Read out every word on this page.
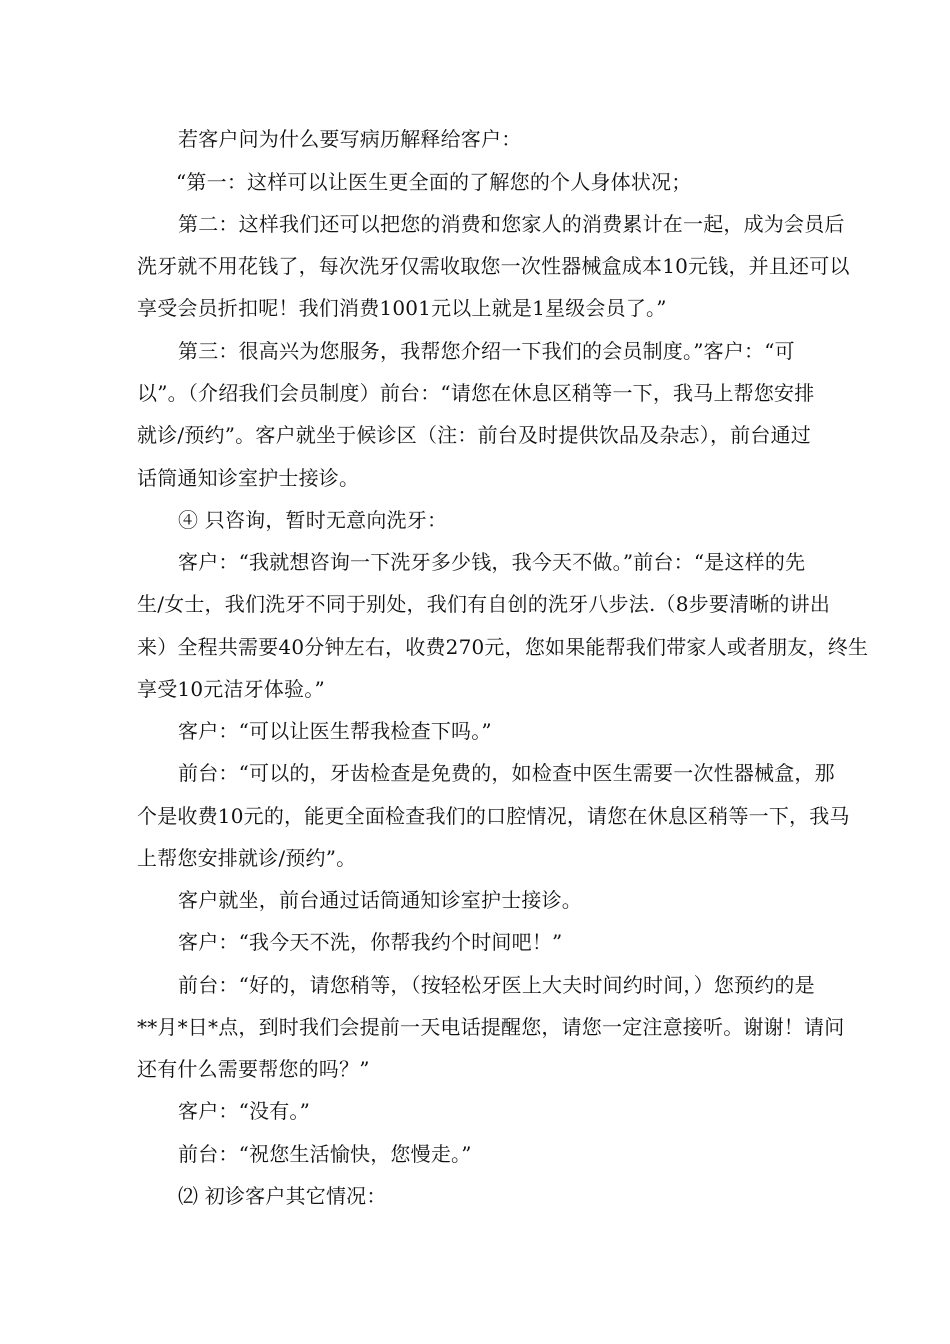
若客户问为什么要写病历解释给客户：
“第一：这样可以让医生更全面的了解您的个人身体状况；
第二：这样我们还可以把您的消费和您家人的消费累计在一起，成为会员后
洗牙就不用花钱了，每次洗牙仅需收取您一次性器械盒成本10元钱，并且还可以
享受会员折扣呢！我们消费1001元以上就是1星级会员了。”
第三：很高兴为您服务，我帮您介绍一下我们的会员制度。”客户：“可
以”。（介绍我们会员制度）前台：“请您在休息区稍等一下，我马上帮您安排
就诊/预约”。客户就坐于候诊区（注：前台及时提供饮品及杂志），前台通过
话筒通知诊室护士接诊。
④ 只咨询，暂时无意向洗牙：
客户：“我就想咨询一下洗牙多少钱，我今天不做。”前台：“是这样的先
生/女士，我们洗牙不同于别处，我们有自创的洗牙八步法.（8步要清晰的讲出
来）全程共需要40分钟左右，收费270元，您如果能帮我们带家人或者朋友，终生
享受10元洁牙体验。”
客户：“可以让医生帮我检查下吗。”
前台：“可以的，牙齿检查是免费的，如检查中医生需要一次性器械盒，那
个是收费10元的，能更全面检查我们的口腔情况，请您在休息区稍等一下，我马
上帮您安排就诊/预约”。
客户就坐，前台通过话筒通知诊室护士接诊。
客户：“我今天不洗，你帮我约个时间吧！”
前台：“好的，请您稍等，（按轻松牙医上大夫时间约时间，）您预约的是
**月*日*点，到时我们会提前一天电话提醒您，请您一定注意接听。谢谢！请问
还有什么需要帮您的吗？”
客户：“没有。”
前台：“祝您生活愉快，您慢走。”
⑵ 初诊客户其它情况：
